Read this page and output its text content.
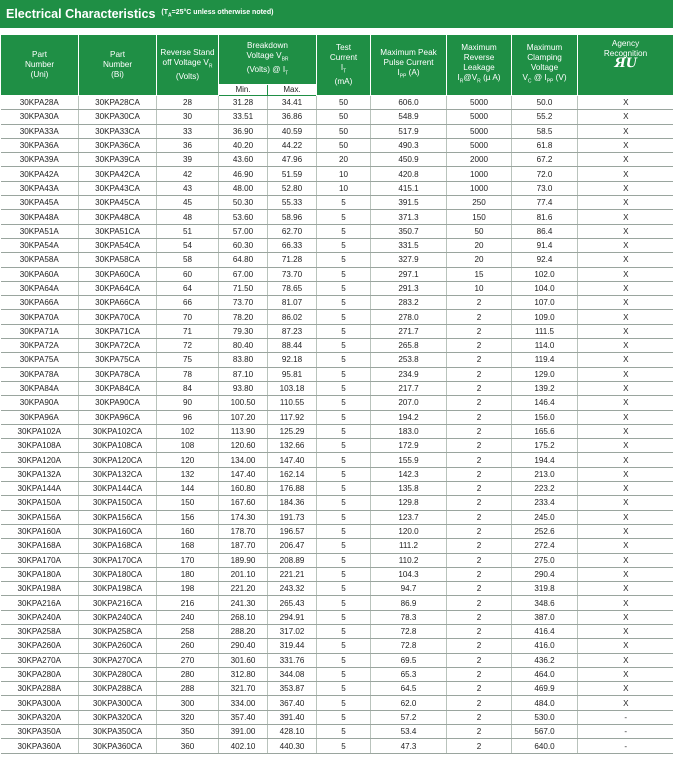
Electrical Characteristics ($T_A=25^\circ C$ unless otherwise noted)
Part
Number
(Uni)	Part
Number
(Bi)	Reverse Stand
off Voltage $V_R$
(Volts)	Breakdown
Voltage $V_{BR}$
(Volts) @ $I_T$		Test
Current
$I_T$
(mA)	Maximum Peak
Pulse Current
$I_{PP}$ (A)	Maximum
Reverse
Leakage
$I_R@V_R$ (µ A)	Maximum
Clamping
Voltage
$V_C$ @ $I_{PP}$ (V)	Agency
Recognition
ЯU
			Min.	Max.					
30KPA28A	30KPA28CA	28	31.28	34.41	50	606.0	5000	50.0	X
30KPA30A	30KPA30CA	30	33.51	36.86	50	548.9	5000	55.2	X
30KPA33A	30KPA33CA	33	36.90	40.59	50	517.9	5000	58.5	X
30KPA36A	30KPA36CA	36	40.20	44.22	50	490.3	5000	61.8	X
30KPA39A	30KPA39CA	39	43.60	47.96	20	450.9	2000	67.2	X
30KPA42A	30KPA42CA	42	46.90	51.59	10	420.8	1000	72.0	X
30KPA43A	30KPA43CA	43	48.00	52.80	10	415.1	1000	73.0	X
30KPA45A	30KPA45CA	45	50.30	55.33	5	391.5	250	77.4	X
30KPA48A	30KPA48CA	48	53.60	58.96	5	371.3	150	81.6	X
30KPA51A	30KPA51CA	51	57.00	62.70	5	350.7	50	86.4	X
30KPA54A	30KPA54CA	54	60.30	66.33	5	331.5	20	91.4	X
30KPA58A	30KPA58CA	58	64.80	71.28	5	327.9	20	92.4	X
30KPA60A	30KPA60CA	60	67.00	73.70	5	297.1	15	102.0	X
30KPA64A	30KPA64CA	64	71.50	78.65	5	291.3	10	104.0	X
30KPA66A	30KPA66CA	66	73.70	81.07	5	283.2	2	107.0	X
30KPA70A	30KPA70CA	70	78.20	86.02	5	278.0	2	109.0	X
30KPA71A	30KPA71CA	71	79.30	87.23	5	271.7	2	111.5	X
30KPA72A	30KPA72CA	72	80.40	88.44	5	265.8	2	114.0	X
30KPA75A	30KPA75CA	75	83.80	92.18	5	253.8	2	119.4	X
30KPA78A	30KPA78CA	78	87.10	95.81	5	234.9	2	129.0	X
30KPA84A	30KPA84CA	84	93.80	103.18	5	217.7	2	139.2	X
30KPA90A	30KPA90CA	90	100.50	110.55	5	207.0	2	146.4	X
30KPA96A	30KPA96CA	96	107.20	117.92	5	194.2	2	156.0	X
30KPA102A	30KPA102CA	102	113.90	125.29	5	183.0	2	165.6	X
30KPA108A	30KPA108CA	108	120.60	132.66	5	172.9	2	175.2	X
30KPA120A	30KPA120CA	120	134.00	147.40	5	155.9	2	194.4	X
30KPA132A	30KPA132CA	132	147.40	162.14	5	142.3	2	213.0	X
30KPA144A	30KPA144CA	144	160.80	176.88	5	135.8	2	223.2	X
30KPA150A	30KPA150CA	150	167.60	184.36	5	129.8	2	233.4	X
30KPA156A	30KPA156CA	156	174.30	191.73	5	123.7	2	245.0	X
30KPA160A	30KPA160CA	160	178.70	196.57	5	120.0	2	252.6	X
30KPA168A	30KPA168CA	168	187.70	206.47	5	111.2	2	272.4	X
30KPA170A	30KPA170CA	170	189.90	208.89	5	110.2	2	275.0	X
30KPA180A	30KPA180CA	180	201.10	221.21	5	104.3	2	290.4	X
30KPA198A	30KPA198CA	198	221.20	243.32	5	94.7	2	319.8	X
30KPA216A	30KPA216CA	216	241.30	265.43	5	86.9	2	348.6	X
30KPA240A	30KPA240CA	240	268.10	294.91	5	78.3	2	387.0	X
30KPA258A	30KPA258CA	258	288.20	317.02	5	72.8	2	416.4	X
30KPA260A	30KPA260CA	260	290.40	319.44	5	72.8	2	416.0	X
30KPA270A	30KPA270CA	270	301.60	331.76	5	69.5	2	436.2	X
30KPA280A	30KPA280CA	280	312.80	344.08	5	65.3	2	464.0	X
30KPA288A	30KPA288CA	288	321.70	353.87	5	64.5	2	469.9	X
30KPA300A	30KPA300CA	300	334.00	367.40	5	62.0	2	484.0	X
30KPA320A	30KPA320CA	320	357.40	391.40	5	57.2	2	530.0	-
30KPA350A	30KPA350CA	350	391.00	428.10	5	53.4	2	567.0	-
30KPA360A	30KPA360CA	360	402.10	440.30	5	47.3	2	640.0	-
